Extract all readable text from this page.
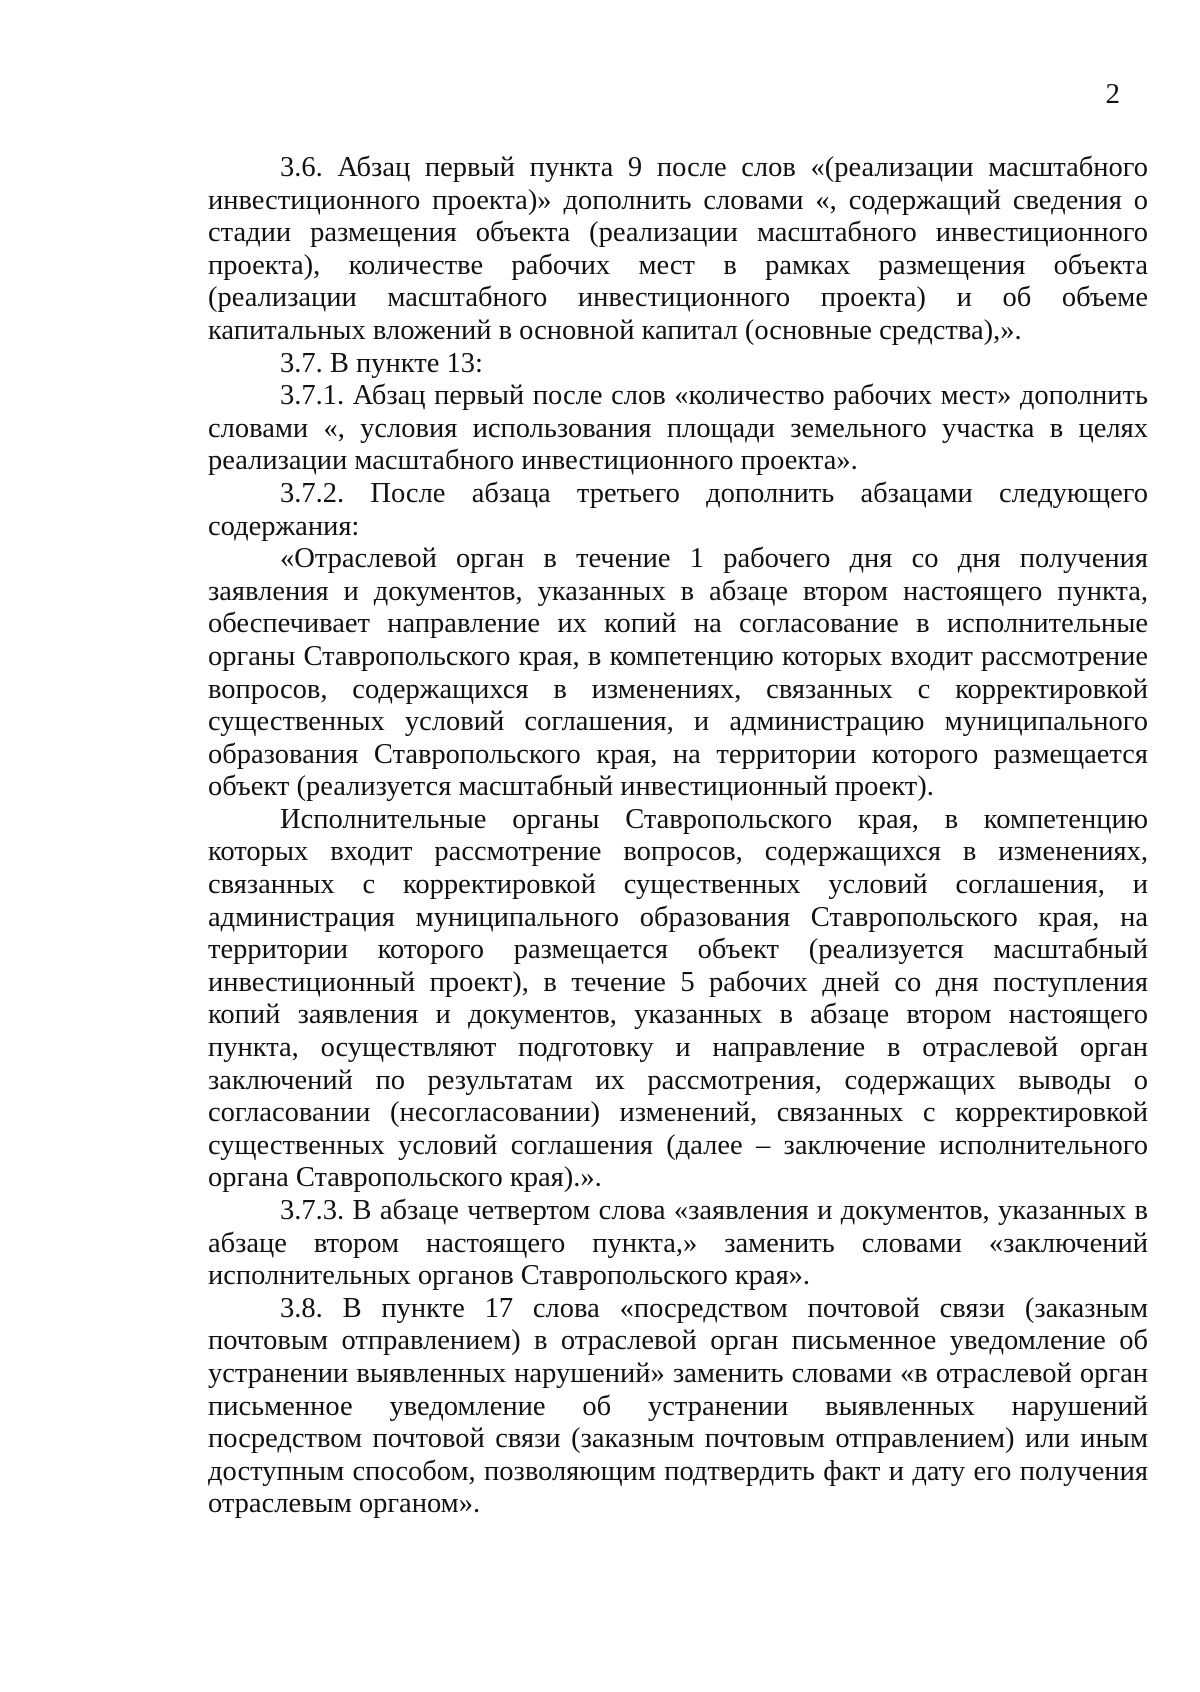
2

3.6. Абзац первый пункта 9 после слов «(реализации масштабного инвестиционного проекта)» дополнить словами «, содержащий сведения о стадии размещения объекта (реализации масштабного инвестиционного проекта), количестве рабочих мест в рамках размещения объекта (реализации масштабного инвестиционного проекта) и об объеме капитальных вложений в основной капитал (основные средства),».

3.7. В пункте 13:

3.7.1. Абзац первый после слов «количество рабочих мест» дополнить словами «, условия использования площади земельного участка в целях реализации масштабного инвестиционного проекта».

3.7.2. После абзаца третьего дополнить абзацами следующего содержания:

«Отраслевой орган в течение 1 рабочего дня со дня получения заявления и документов, указанных в абзаце втором настоящего пункта, обеспечивает направление их копий на согласование в исполнительные органы Ставропольского края, в компетенцию которых входит рассмотрение вопросов, содержащихся в изменениях, связанных с корректировкой существенных условий соглашения, и администрацию муниципального образования Ставропольского края, на территории которого размещается объект (реализуется масштабный инвестиционный проект).

Исполнительные органы Ставропольского края, в компетенцию которых входит рассмотрение вопросов, содержащихся в изменениях, связанных с корректировкой существенных условий соглашения, и администрация муниципального образования Ставропольского края, на территории которого размещается объект (реализуется масштабный инвестиционный проект), в течение 5 рабочих дней со дня поступления копий заявления и документов, указанных в абзаце втором настоящего пункта, осуществляют подготовку и направление в отраслевой орган заключений по результатам их рассмотрения, содержащих выводы о согласовании (несогласовании) изменений, связанных с корректировкой существенных условий соглашения (далее – заключение исполнительного органа Ставропольского края).».

3.7.3. В абзаце четвертом слова «заявления и документов, указанных в абзаце втором настоящего пункта,» заменить словами «заключений исполнительных органов Ставропольского края».

3.8. В пункте 17 слова «посредством почтовой связи (заказным почтовым отправлением) в отраслевой орган письменное уведомление об устранении выявленных нарушений» заменить словами «в отраслевой орган письменное уведомление об устранении выявленных нарушений посредством почтовой связи (заказным почтовым отправлением) или иным доступным способом, позволяющим подтвердить факт и дату его получения отраслевым органом».
